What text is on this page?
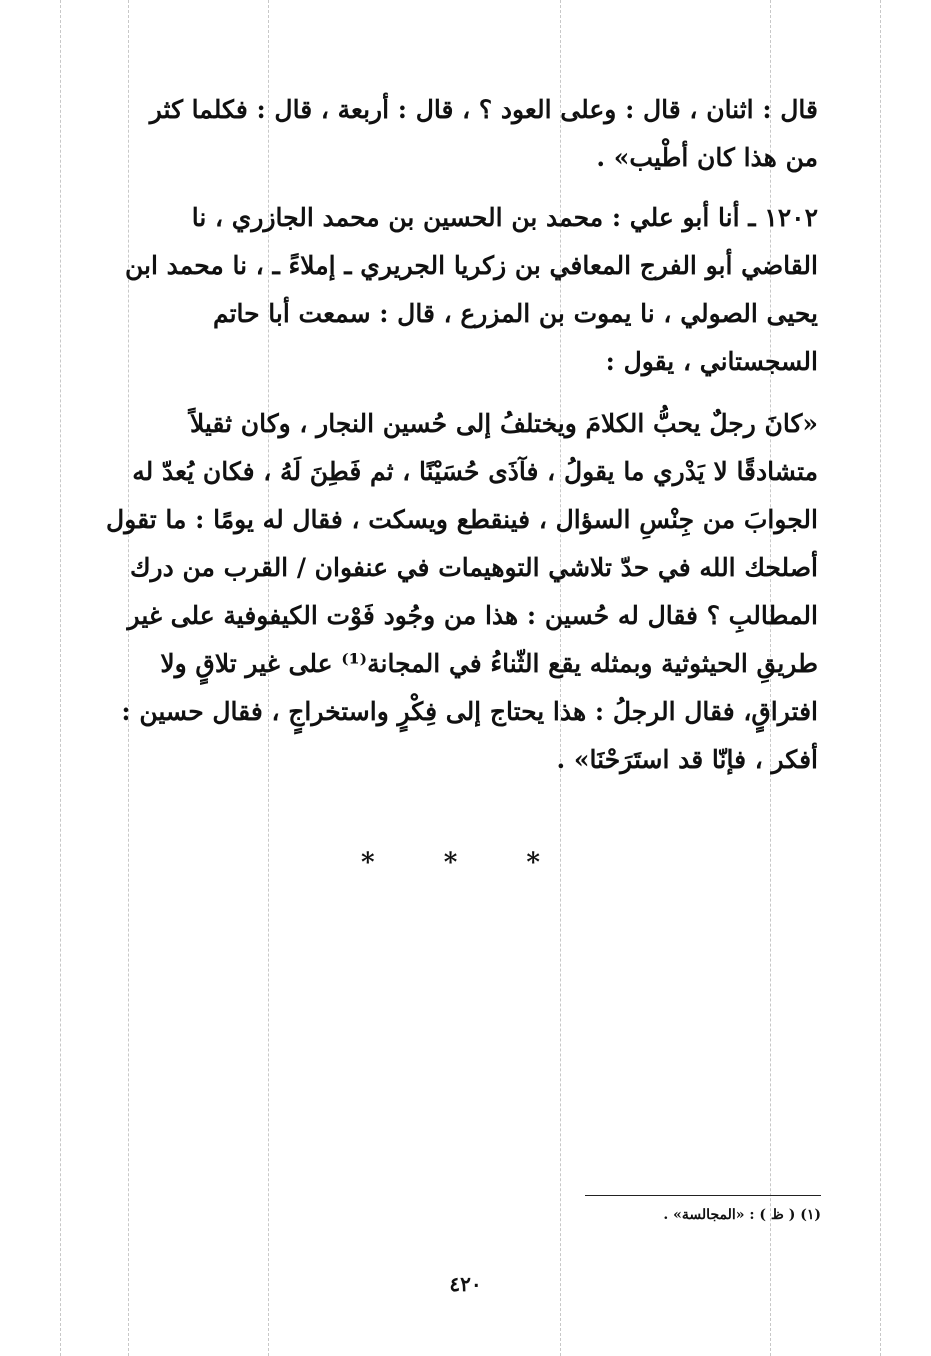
قال : اثنان ، قال : وعلى العود ؟ ، قال : أربعة ، قال : فكلما كثر
من هذا كان أطْيب» .
١٢٠٢ ـ أنا أبو علي : محمد بن الحسين بن محمد الجازري ، نا
القاضي أبو الفرج المعافي بن زكريا الجريري ـ إملاءً ـ ، نا محمد ابن
يحيى الصولي ، نا يموت بن المزرع ، قال : سمعت أبا حاتم
السجستاني ، يقول :
«كانَ رجلٌ يحبُّ الكلامَ ويختلفُ إلى حُسين النجار ، وكان ثقيلاً
متشادقًا لا يَدْري ما يقولُ ، فآذَى حُسَيْنًا ، ثم فَطِنَ لَهُ ، فكان يُعدّ له
الجوابَ من جِنْسِ السؤال ، فينقطع ويسكت ، فقال له يومًا : ما تقول
أصلحك الله في حدّ تلاشي التوهيمات في عنفوان / القرب من درك
المطالبِ ؟ فقال له حُسين : هذا من وجُود فَوْت الكيفوفية على غير
طريقِ الحيثوثية وبمثله يقع الثّناءُ في المجانة⁽¹⁾ على غير تلاقٍ ولا
افتراقٍ، فقال الرجلُ : هذا يحتاج إلى فِكْرٍ واستخراجٍ ، فقال حسين :
أفكر ، فإنّا قد استَرَحْنَا» .
* * *
(١) ( ظ ) : «المجالسة» .
٤٢٠
